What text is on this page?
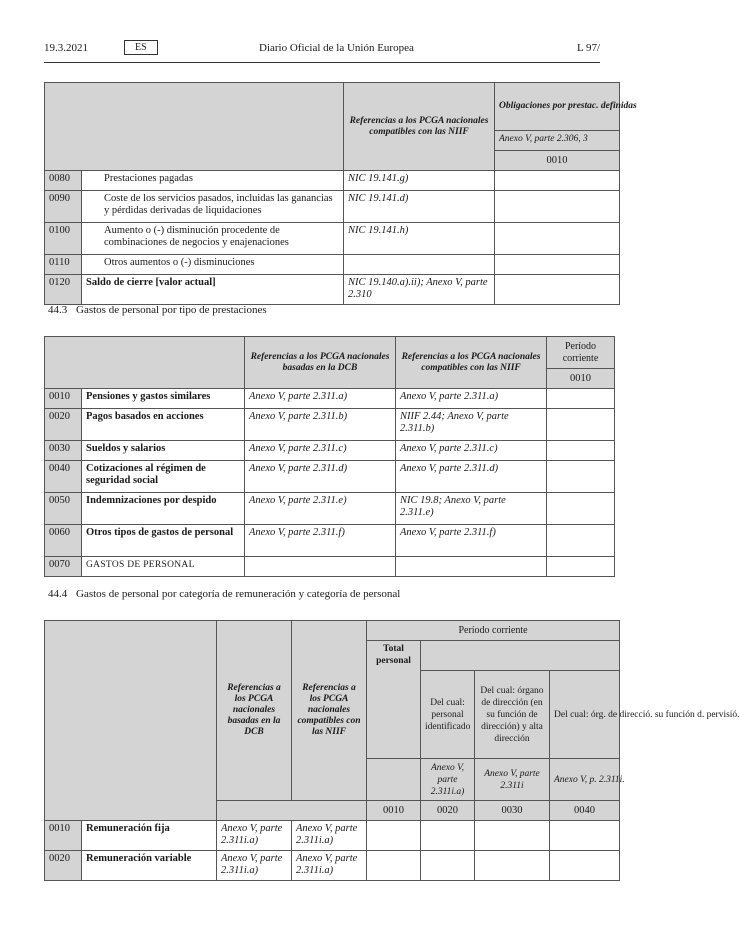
19.3.2021	ES	Diario Oficial de la Unión Europea	L 97/
		Referencias a los PCGA nacionales compatibles con las NIIF	Obligaciones por prestac. definidas
			Anexo V, parte 2.306, 3
			0010
0080	Prestaciones pagadas	NIC 19.141.g)	
0090	Coste de los servicios pasados, incluidas las ganancias y pérdidas derivadas de liquidaciones	NIC 19.141.d)	
0100	Aumento o (-) disminución procedente de combinaciones de negocios y enajenaciones	NIC 19.141.h)	
0110	Otros aumentos o (-) disminuciones		
0120	Saldo de cierre [valor actual]	NIC 19.140.a).ii); Anexo V, parte 2.310	
44.3 Gastos de personal por tipo de prestaciones
		Referencias a los PCGA nacionales basadas en la DCB	Referencias a los PCGA nacionales compatibles con las NIIF	Período corriente
				0010
0010	Pensiones y gastos similares	Anexo V, parte 2.311.a)	Anexo V, parte 2.311.a)	
0020	Pagos basados en acciones	Anexo V, parte 2.311.b)	NIIF 2.44; Anexo V, parte 2.311.b)	
0030	Sueldos y salarios	Anexo V, parte 2.311.c)	Anexo V, parte 2.311.c)	
0040	Cotizaciones al régimen de seguridad social	Anexo V, parte 2.311.d)	Anexo V, parte 2.311.d)	
0050	Indemnizaciones por despido	Anexo V, parte 2.311.e)	NIC 19.8; Anexo V, parte 2.311.e)	
0060	Otros tipos de gastos de personal	Anexo V, parte 2.311.f)	Anexo V, parte 2.311.f)	
0070	GASTOS DE PERSONAL			
44.4 Gastos de personal por categoría de remuneración y categoría de personal
		Referencias a los PCGA nacionales basadas en la DCB	Referencias a los PCGA nacionales compatibles con las NIIF	Período corriente			
				Total personal			
					Del cual: personal identificado	Del cual: órgano de dirección (en su función de dirección) y alta dirección	Del cual: órg. de direcció. su función d. pervisió.
					Anexo V, parte 2.311i.a)	Anexo V, parte 2.311i	Anexo V, p. 2.311i.
				0010	0020	0030	0040
0010	Remuneración fija	Anexo V, parte 2.311i.a)	Anexo V, parte 2.311i.a)				
0020	Remuneración variable	Anexo V, parte 2.311i.a)	Anexo V, parte 2.311i.a)				
